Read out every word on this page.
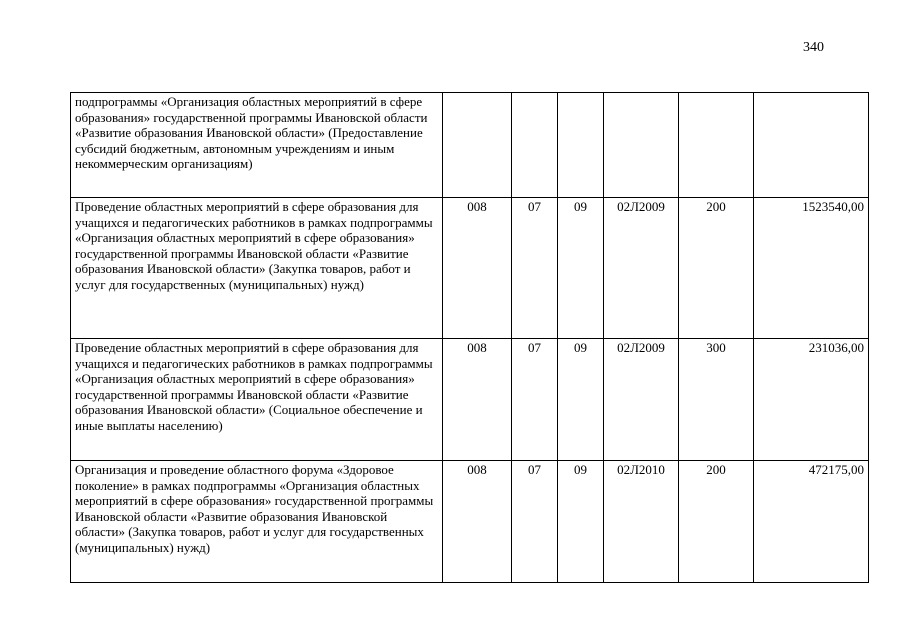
340
подпрограммы «Организация областных мероприятий в сфере образования» государственной программы Ивановской области «Развитие образования Ивановской области» (Предоставление субсидий бюджетным, автономным учреждениям и иным некоммерческим организациям)						
Проведение областных мероприятий в сфере образования для учащихся и педагогических работников в рамках подпрограммы «Организация областных мероприятий в сфере образования» государственной программы Ивановской области «Развитие образования Ивановской области» (Закупка товаров, работ и услуг для государственных (муниципальных) нужд)	008	07	09	02Л2009	200	1523540,00
Проведение областных мероприятий в сфере образования для учащихся и педагогических работников в рамках подпрограммы «Организация областных мероприятий в сфере образования» государственной программы Ивановской области «Развитие образования Ивановской области» (Социальное обеспечение и иные выплаты населению)	008	07	09	02Л2009	300	231036,00
Организация и проведение областного форума «Здоровое поколение» в рамках подпрограммы «Организация областных мероприятий в сфере образования» государственной программы Ивановской области «Развитие образования Ивановской области» (Закупка товаров, работ и услуг для государственных (муниципальных) нужд)	008	07	09	02Л2010	200	472175,00
